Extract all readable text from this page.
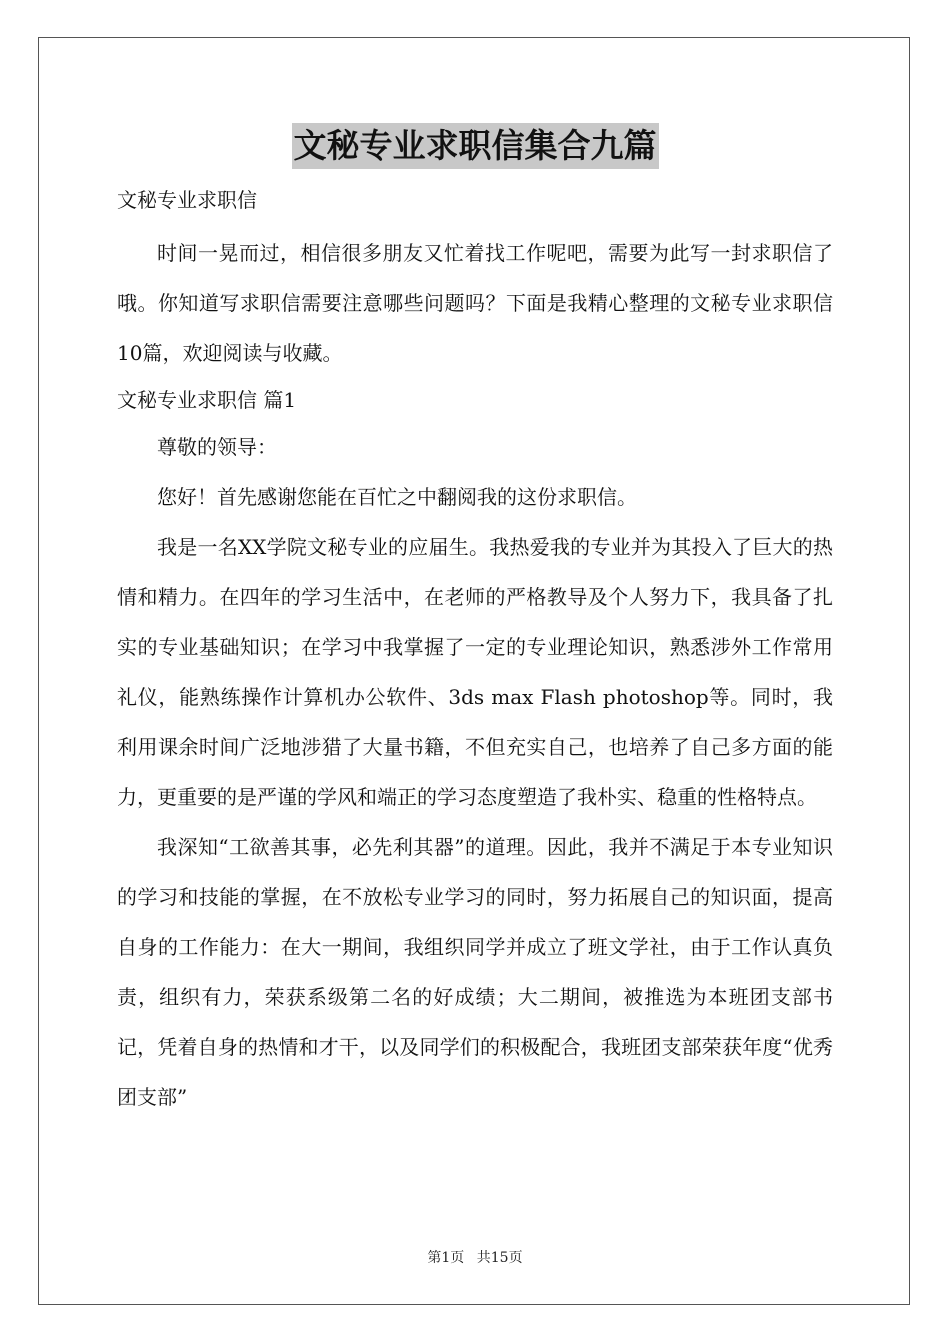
文秘专业求职信集合九篇

文秘专业求职信

时间一晃而过，相信很多朋友又忙着找工作呢吧，需要为此写一封求职信了哦。你知道写求职信需要注意哪些问题吗？下面是我精心整理的文秘专业求职信10篇，欢迎阅读与收藏。

文秘专业求职信 篇1

尊敬的领导：

您好！首先感谢您能在百忙之中翻阅我的这份求职信。

我是一名XX学院文秘专业的应届生。我热爱我的专业并为其投入了巨大的热情和精力。在四年的学习生活中，在老师的严格教导及个人努力下，我具备了扎实的专业基础知识；在学习中我掌握了一定的专业理论知识，熟悉涉外工作常用礼仪，能熟练操作计算机办公软件、3ds max Flash photoshop等。同时，我利用课余时间广泛地涉猎了大量书籍，不但充实自己，也培养了自己多方面的能力，更重要的是严谨的学风和端正的学习态度塑造了我朴实、稳重的性格特点。

我深知“工欲善其事，必先利其器”的道理。因此，我并不满足于本专业知识的学习和技能的掌握，在不放松专业学习的同时，努力拓展自己的知识面，提高自身的工作能力：在大一期间，我组织同学并成立了班文学社，由于工作认真负责，组织有力，荣获系级第二名的好成绩；大二期间，被推选为本班团支部书记，凭着自身的热情和才干，以及同学们的积极配合，我班团支部荣获年度“优秀团支部”

第1页 共15页
